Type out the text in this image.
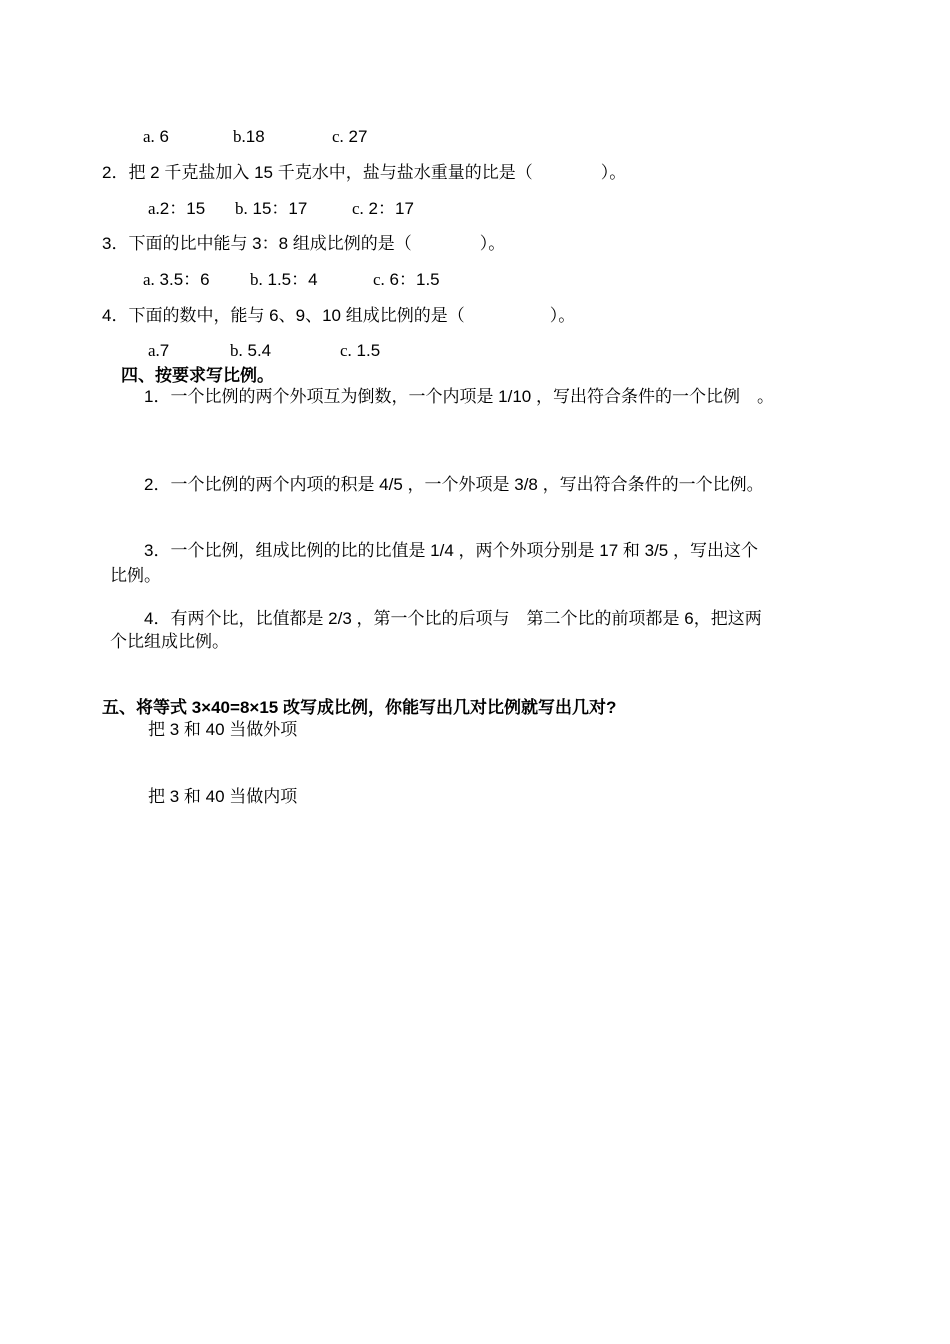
a. 6	b.18	c. 27
2．把 2 千克盐加入 15 千克水中，盐与盐水重量的比是（　　　　）。
a.2：15 b. 15：17	c. 2：17
3．下面的比中能与 3：8 组成比例的是（　　　　）。
a. 3.5：6 b. 1.5：4	c. 6：1.5
4．下面的数中，能与 6、9、10 组成比例的是（　　　　　）。
a.7	b. 5.4	c. 1.5
四、按要求写比例。
1．一个比例的两个外项互为倒数，一个内项是 1/10 ，写出符合条件的一个比例　。
2．一个比例的两个内项的积是 4/5 ，一个外项是 3/8 ，写出符合条件的一个比例。
3．一个比例，组成比例的比的比值是 1/4 ，两个外项分别是 17 和 3/5 ，写出这个
比例。
4．有两个比，比值都是 2/3 ，第一个比的后项与　第二个比的前项都是 6，把这两
个比组成比例。
五、将等式 3×40=8×15 改写成比例，你能写出几对比例就写出几对?
把 3 和 40 当做外项
把 3 和 40 当做内项
